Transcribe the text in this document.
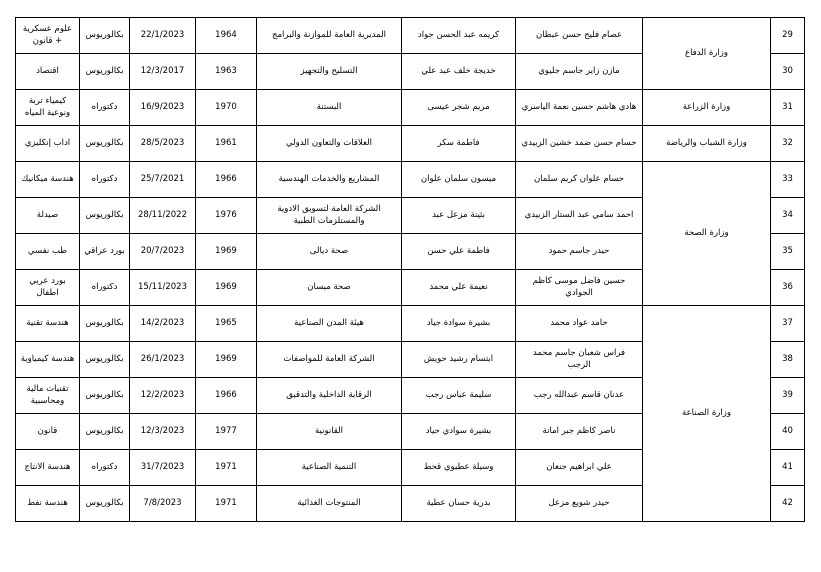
29	وزارة الدفاع	عصام فليح حسن عبطان	كريمه عبد الحسن جواد	المديرية العامة للموازنة والبرامج	1964	22/1/2023	بكالوريوس	علوم عسكرية + قانون
30		مازن زاير جاسم جليوي	خديجة خلف عبد علي	التسليح والتجهيز	1963	12/3/2017	بكالوريوس	اقتصاد
31	وزارة الزراعة	هادي هاشم حسين نعمة الياسري	مريم شجر عيسى	البستنة	1970	16/9/2023	دكتوراه	كيمياء تربة ونوعية المياه
32	وزارة الشباب والرياضة	حسام حسن ضمد خشين الزبيدي	فاطمة سكر	العلاقات والتعاون الدولي	1961	28/5/2023	بكالوريوس	اداب إنكليزي
33	وزارة الصحة	حسام علوان كريم سلمان	ميسون سلمان علوان	المشاريع والخدمات الهندسية	1966	25/7/2021	دكتوراه	هندسة ميكانيك
34		احمد سامي عبد الستار الزبيدي	بثينة مزعل عبد	الشركة العامة لتسويق الادوية والمستلزمات الطبية	1976	28/11/2022	بكالوريوس	صيدلة
35		حيدر جاسم حمود	فاطمة علي حسن	صحة ديالى	1969	20/7/2023	بورد عراقي	طب نفسي
36		حسين فاضل موسى كاظم الجوادي	نعيمة علي محمد	صحة ميسان	1969	15/11/2023	دكتوراه	بورد عربي اطفال
37	وزارة الصناعة	حامد عواد محمد	بشيرة سوادة جياد	هيئة المدن الصناعية	1965	14/2/2023	بكالوريوس	هندسة تقنية
38		فراس شعبان جاسم محمد الرجب	ابتسام رشيد حويش	الشركة العامة للمواصفات	1969	26/1/2023	بكالوريوس	هندسة كيمياوية
39		عدنان قاسم عبدالله رجب	سليمة عباس رجب	الرقابة الداخلية والتدقيق	1966	12/2/2023	بكالوريوس	تقنيات مالية ومحاسبية
40		ناصر كاظم جبر امانة	بشيرة سوادي جياد	القانونية	1977	12/3/2023	بكالوريوس	قانون
41		علي ابراهيم جنعان	وسيلة عطيوي قحط	التنمية الصناعية	1971	31/7/2023	دكتوراه	هندسة الانتاج
42		حيدر شويع مزعل	بدرية حسان عطية	المنتوجات الغذائية	1971	7/8/2023	بكالوريوس	هندسة نفط
